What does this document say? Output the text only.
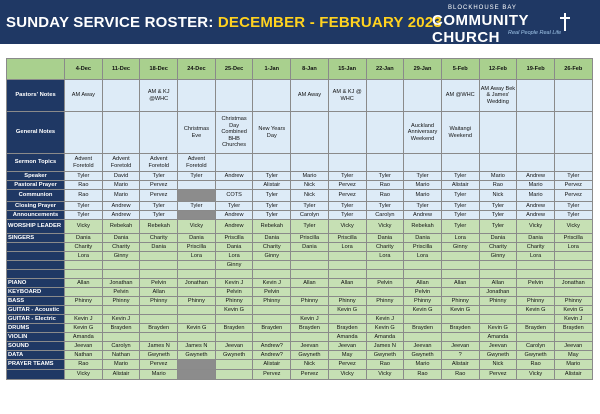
SUNDAY SERVICE ROSTER: DECEMBER - FEBRUARY 2023
BLOCKHOUSE BAY
COMMUNITY CHURCH	Real People Real Life
	4-Dec	11-Dec	18-Dec	24-Dec	25-Dec	1-Jan	8-Jan	15-Jan	22-Jan	29-Jan	5-Feb	12-Feb	19-Feb	26-Feb
Pastors' Notes	AM Away		AM & KJ @WHC				AM Away	AM & KJ @ WHC			AM @WHC	AM Away Bek & James' Wedding		
General Notes				Christmas Eve	Christmas Day Combined BHB Churches	New Years Day				Auckland Anniversary Weekend	Waitangi Weekend			
Sermon Topics	Advent Foretold	Advent Foretold	Advent Foretold	Advent Foretold										
Speaker	Tyler	David	Tyler	Tyler	Andrew	Tyler	Mario	Tyler	Tyler	Tyler	Tyler	Mario	Andrew	Tyler
Pastoral Prayer	Rao	Mario	Pervez			Alistair	Nick	Pervez	Rao	Mario	Alistair	Rao	Mario	Pervez
Communion	Rao	Mario	Pervez		COTS	Tyler	Nick	Pervez	Rao	Mario	Tyler	Nick	Mario	Pervez
Closing Prayer	Tyler	Andrew	Tyler	Tyler	Tyler	Tyler	Tyler	Tyler	Tyler	Tyler	Tyler	Tyler	Andrew	Tyler
Announcements	Tyler	Andrew	Tyler		Andrew	Tyler	Carolyn	Tyler	Carolyn	Andrew	Tyler	Tyler	Andrew	Tyler
WORSHIP LEADER	Vicky	Rebekah	Rebekah	Vicky	Andrew	Rebekah	Tyler	Vicky	Vicky	Rebekah	Tyler	Tyler	Vicky	Vicky
SINGERS	Dania	Dania	Charity	Dania	Priscilla	Dania	Priscilla	Priscilla	Dania	Dania	Lora	Dania	Dania	Priscilla
	Charity	Charity	Dania	Priscilla	Dania	Charity	Dania	Lora	Charity	Priscilla	Ginny	Charity	Charity	Lora
	Lora	Ginny		Lora	Lora	Ginny			Lora	Lora		Ginny	Lora	
					Ginny									

PIANO	Allan	Jonathan	Pelvin	Jonathan	Kevin J	Kevin J	Allan	Allan	Pelvin	Allan	Allan	Allan	Pelvin	Jonathan
KEYBOARD		Pelvin	Allan		Pelvin	Pelvin				Pelvin		Jonathan		
BASS	Phinny	Phinny	Phinny	Phinny	Phinny	Phinny	Phinny	Phinny	Phinny	Phinny	Phinny	Phinny	Phinny	Phinny
GUITAR - Acoustic					Kevin G			Kevin G		Kevin G	Kevin G		Kevin G	Kevin G
GUITAR - Electric	Kevin J	Kevin J					Kevin J		Kevin J					Kevin J
DRUMS	Kevin G	Brayden	Brayden	Kevin G	Brayden	Brayden	Brayden	Brayden	Kevin G	Brayden	Brayden	Kevin G	Brayden	Brayden
VIOLIN	Amanda							Amanda	Amanda			Amanda		
SOUND	Jeevan	Carolyn	James N	James N	Jeevan	Andrew?	Jeevan	Jeevan	James N	Jeevan	Jeevan	Jeevan	Carolyn	Jeevan
DATA	Nathan	Nathan	Gwyneth	Gwyneth	Gwyneth	Andrew?	Gwyneth	May	Gwyneth	Gwyneth	?	Gwyneth	Gwyneth	May
PRAYER TEAMS	Rao	Mario	Pervez			Alistair	Nick	Pervez	Rao	Mario	Alistair	Nick	Rao	Mario
	Vicky	Alistair	Mario			Pervez	Pervez	Vicky	Vicky	Rao	Rao	Pervez	Vicky	Alistair
